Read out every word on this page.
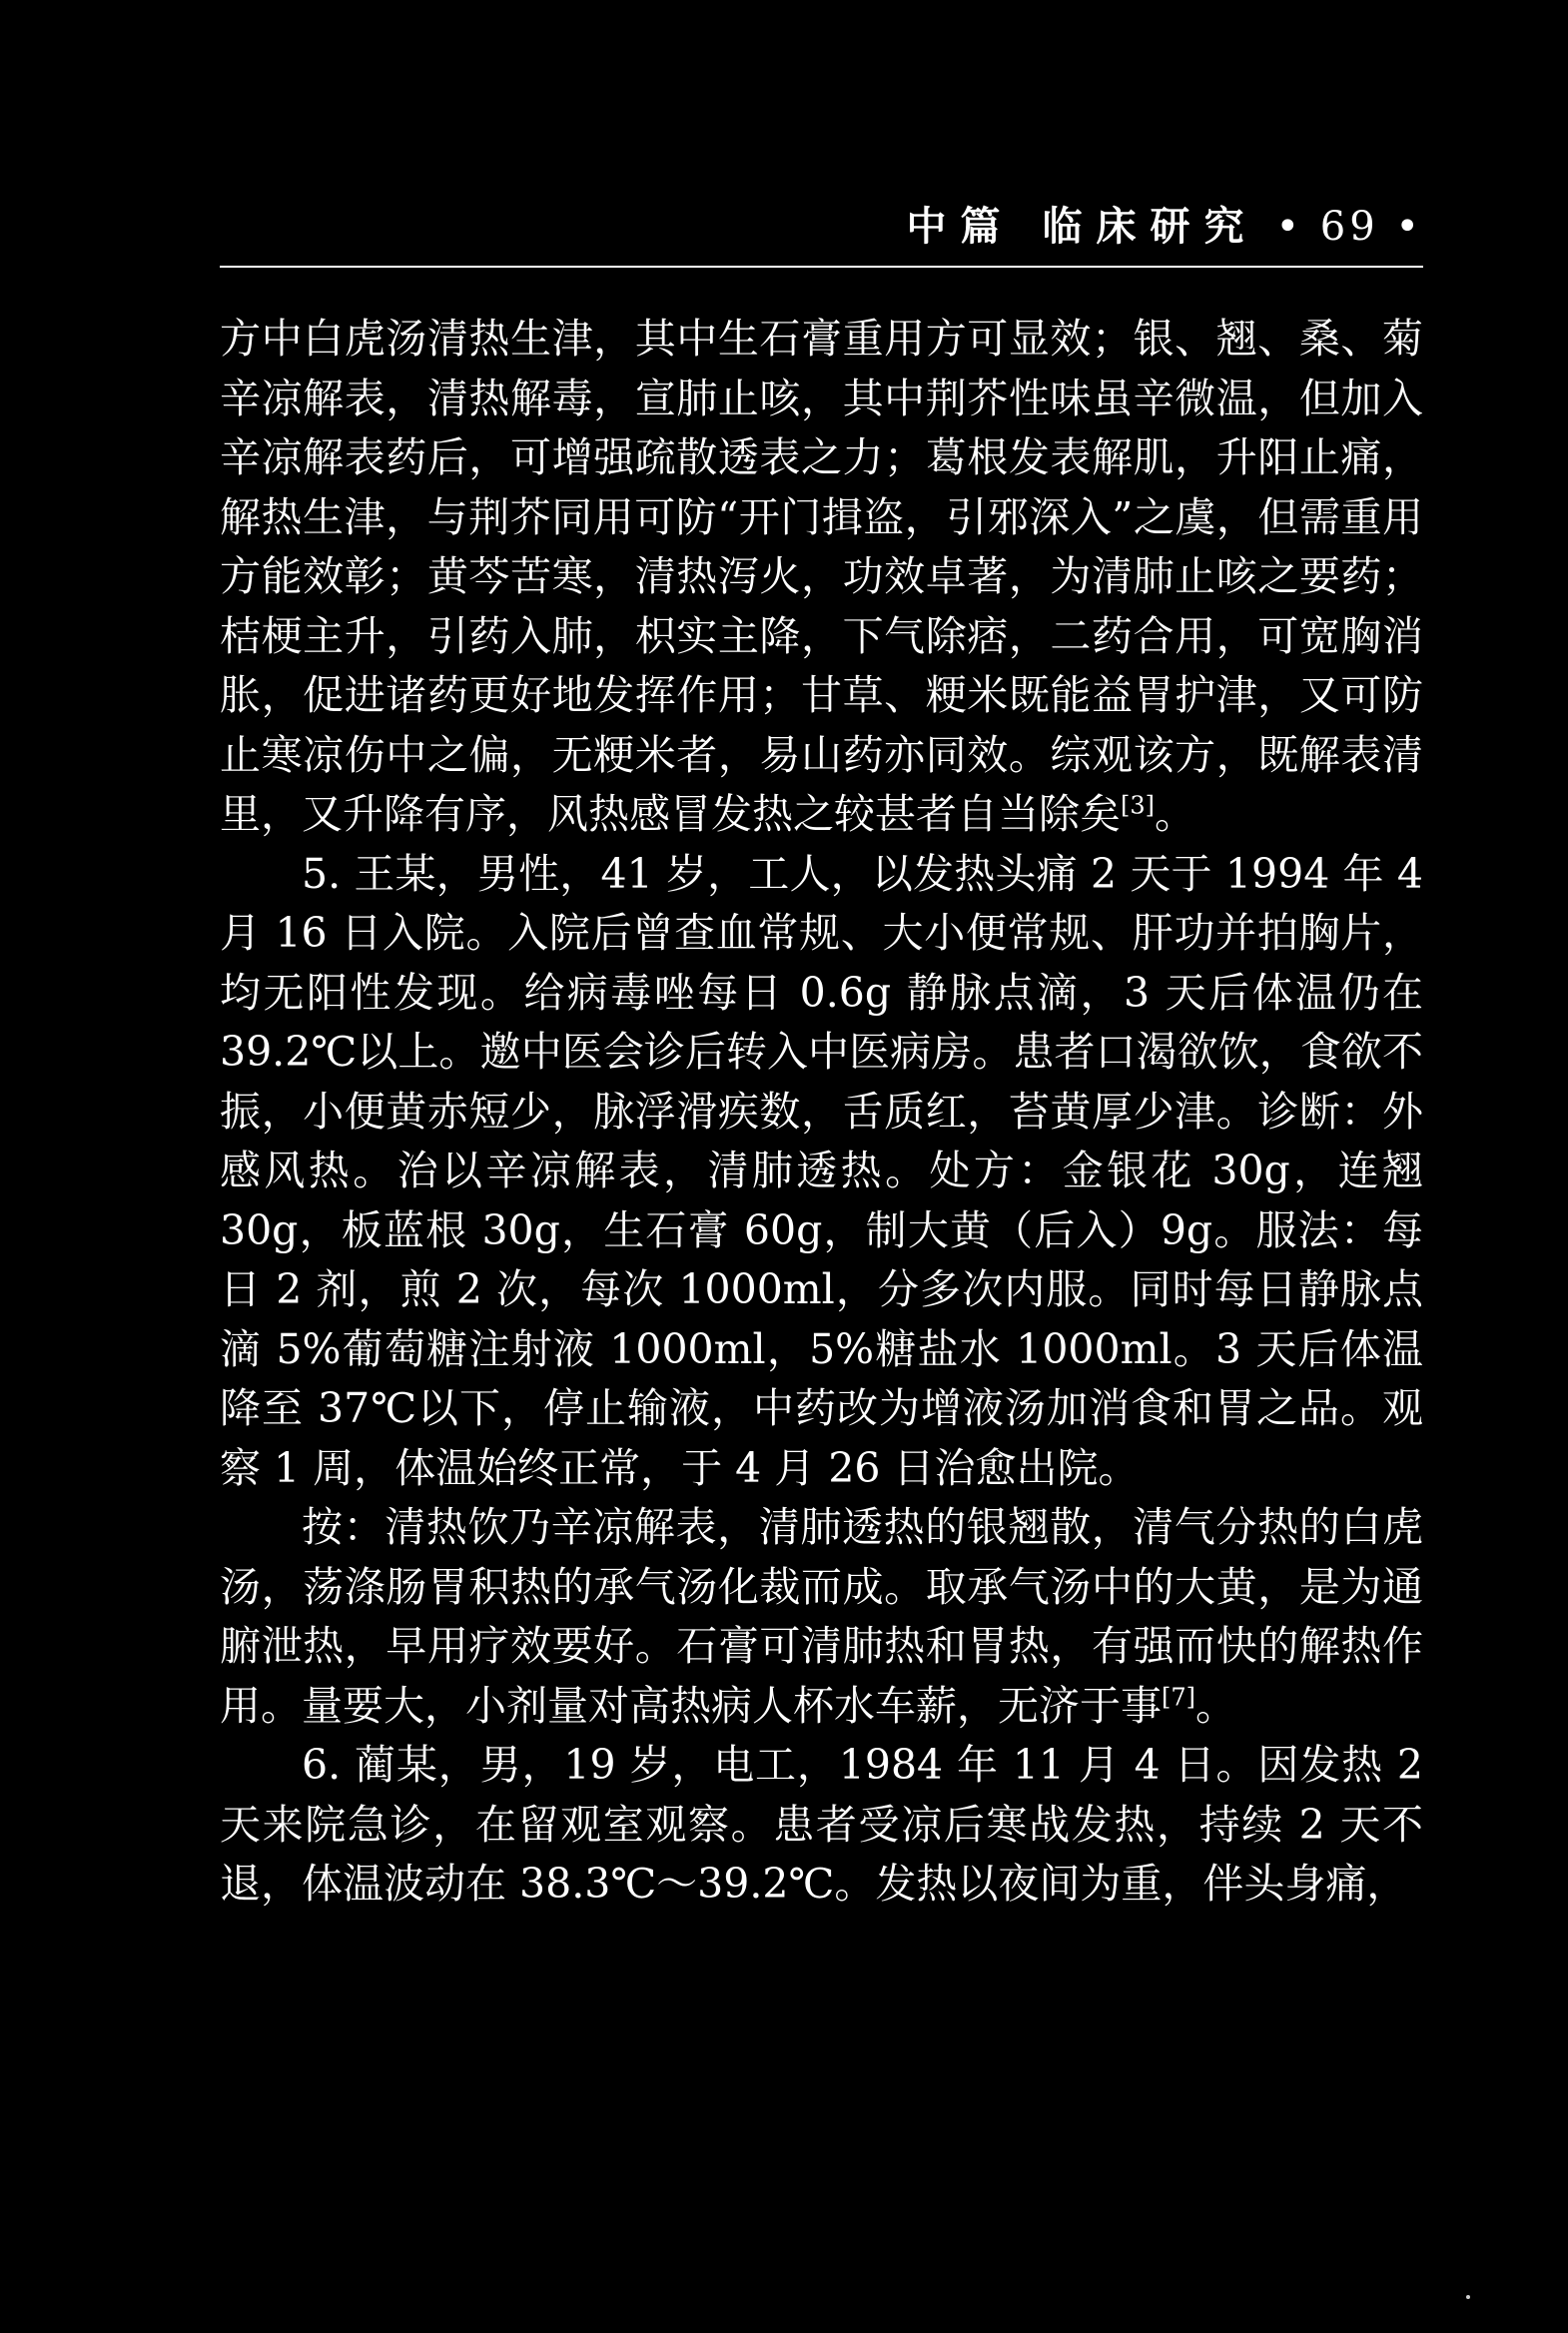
中篇 临床研究 • 69 •

方中白虎汤清热生津，其中生石膏重用方可显效；银、翘、桑、菊辛凉解表，清热解毒，宣肺止咳，其中荆芥性味虽辛微温，但加入辛凉解表药后，可增强疏散透表之力；葛根发表解肌，升阳止痛，解热生津，与荆芥同用可防“开门揖盗，引邪深入”之虞，但需重用方能效彰；黄芩苦寒，清热泻火，功效卓著，为清肺止咳之要药；桔梗主升，引药入肺，枳实主降，下气除痞，二药合用，可宽胸消胀，促进诸药更好地发挥作用；甘草、粳米既能益胃护津，又可防止寒凉伤中之偏，无粳米者，易山药亦同效。综观该方，既解表清里，又升降有序，风热感冒发热之较甚者自当除矣[3]。

5. 王某，男性，41 岁，工人，以发热头痛 2 天于 1994 年 4 月 16 日入院。入院后曾查血常规、大小便常规、肝功并拍胸片，均无阳性发现。给病毒唑每日 0.6g 静脉点滴，3 天后体温仍在 39.2℃以上。邀中医会诊后转入中医病房。患者口渴欲饮，食欲不振，小便黄赤短少，脉浮滑疾数，舌质红，苔黄厚少津。诊断：外感风热。治以辛凉解表，清肺透热。处方：金银花 30g，连翘 30g，板蓝根 30g，生石膏 60g，制大黄（后入）9g。服法：每日 2 剂，煎 2 次，每次 1000ml，分多次内服。同时每日静脉点滴 5%葡萄糖注射液 1000ml，5%糖盐水 1000ml。3 天后体温降至 37℃以下，停止输液，中药改为增液汤加消食和胃之品。观察 1 周，体温始终正常，于 4 月 26 日治愈出院。

按：清热饮乃辛凉解表，清肺透热的银翘散，清气分热的白虎汤，荡涤肠胃积热的承气汤化裁而成。取承气汤中的大黄，是为通腑泄热，早用疗效要好。石膏可清肺热和胃热，有强而快的解热作用。量要大，小剂量对高热病人杯水车薪，无济于事[7]。

6. 蔺某，男，19 岁，电工，1984 年 11 月 4 日。因发热 2 天来院急诊，在留观室观察。患者受凉后寒战发热，持续 2 天不退，体温波动在 38.3℃～39.2℃。发热以夜间为重，伴头身痛，
